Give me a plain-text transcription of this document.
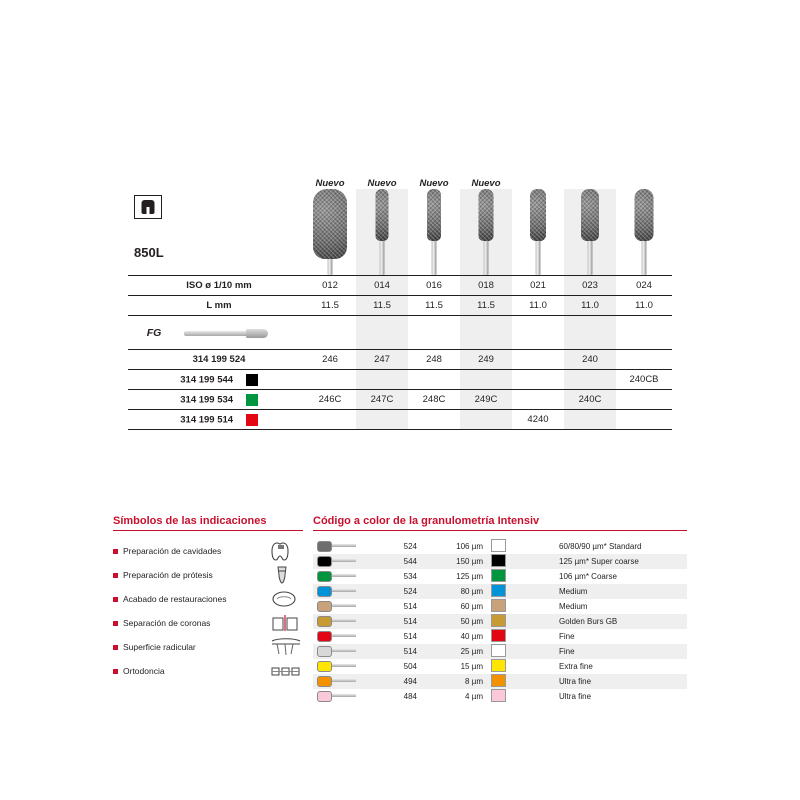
	Nuevo	Nuevo	Nuevo	Nuevo			

850L							

ISO ø 1/10 mm	012	014	016	018	021	023	024
L mm	11.5	11.5	11.5	11.5	11.0	11.0	11.0

FG							

314 199 524	246	247	248	249		240	
314 199 544							240CB
314 199 534	246C	247C	248C	249C		240C	
314 199 514					4240		
Símbolos de las indicaciones
Preparación de cavidades
Preparación de prótesis
Acabado de restauraciones
Separación de coronas
Superficie radicular
Ortodoncia
Código a color de la granulometría Intensiv
	524	106 µm		60/80/90 µm* Standard

	544	150 µm		125 µm* Super coarse

	534	125 µm		106 µm* Coarse

	524	80 µm		Medium

	514	60 µm		Medium

	514	50 µm		Golden Burs GB

	514	40 µm		Fine

	514	25 µm		Fine

	504	15 µm		Extra fine

	494	8 µm		Ultra fine

	484	4 µm		Ultra fine
